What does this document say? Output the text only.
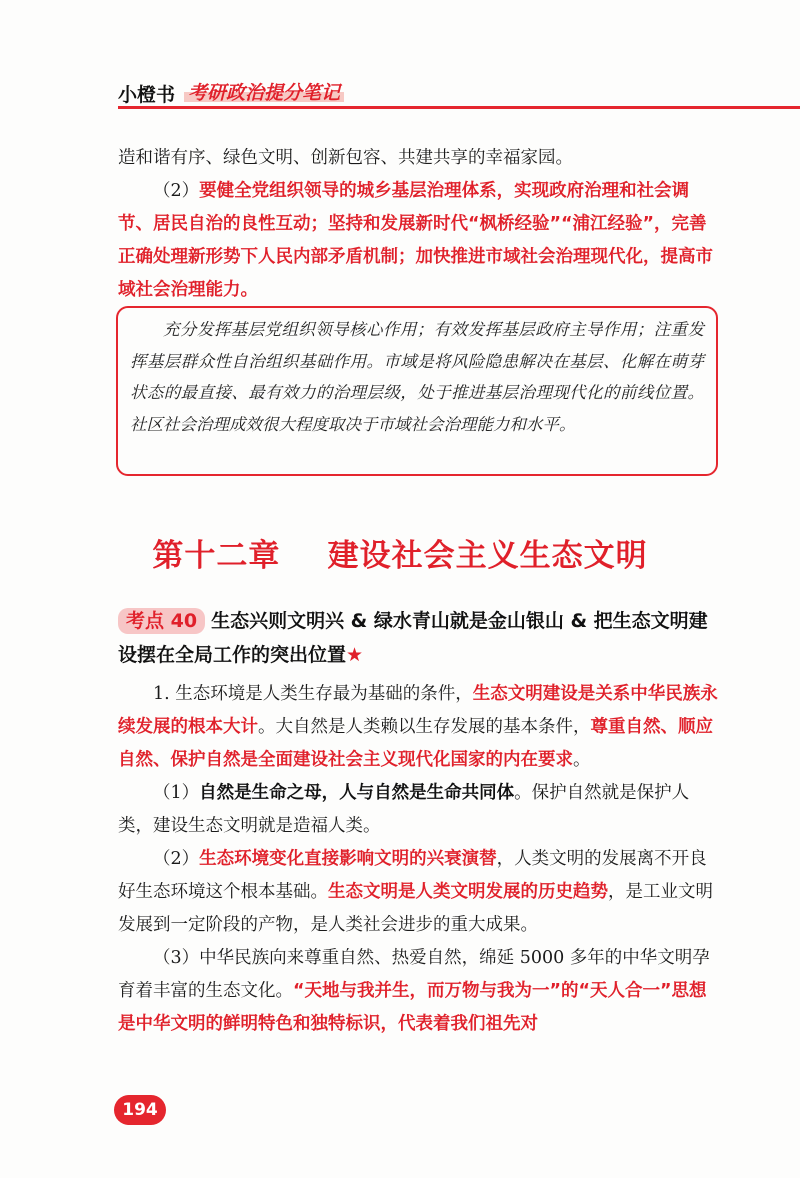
小橙书 考研政治提分笔记

造和谐有序、绿色文明、创新包容、共建共享的幸福家园。

（2）要健全党组织领导的城乡基层治理体系，实现政府治理和社会调节、居民自治的良性互动；坚持和发展新时代“枫桥经验”“浦江经验”，完善正确处理新形势下人民内部矛盾机制；加快推进市域社会治理现代化，提高市域社会治理能力。

充分发挥基层党组织领导核心作用；有效发挥基层政府主导作用；注重发挥基层群众性自治组织基础作用。市域是将风险隐患解决在基层、化解在萌芽状态的最直接、最有效力的治理层级，处于推进基层治理现代化的前线位置。社区社会治理成效很大程度取决于市域社会治理能力和水平。
第十二章    建设社会主义生态文明
考点 40 生态兴则文明兴 & 绿水青山就是金山银山 & 把生态文明建设摆在全局工作的突出位置★

1. 生态环境是人类生存最为基础的条件，生态文明建设是关系中华民族永续发展的根本大计。大自然是人类赖以生存发展的基本条件，尊重自然、顺应自然、保护自然是全面建设社会主义现代化国家的内在要求。

（1）自然是生命之母，人与自然是生命共同体。保护自然就是保护人类，建设生态文明就是造福人类。

（2）生态环境变化直接影响文明的兴衰演替，人类文明的发展离不开良好生态环境这个根本基础。生态文明是人类文明发展的历史趋势，是工业文明发展到一定阶段的产物，是人类社会进步的重大成果。

（3）中华民族向来尊重自然、热爱自然，绵延 5000 多年的中华文明孕育着丰富的生态文化。“天地与我并生，而万物与我为一”的“天人合一”思想是中华文明的鲜明特色和独特标识，代表着我们祖先对

194
